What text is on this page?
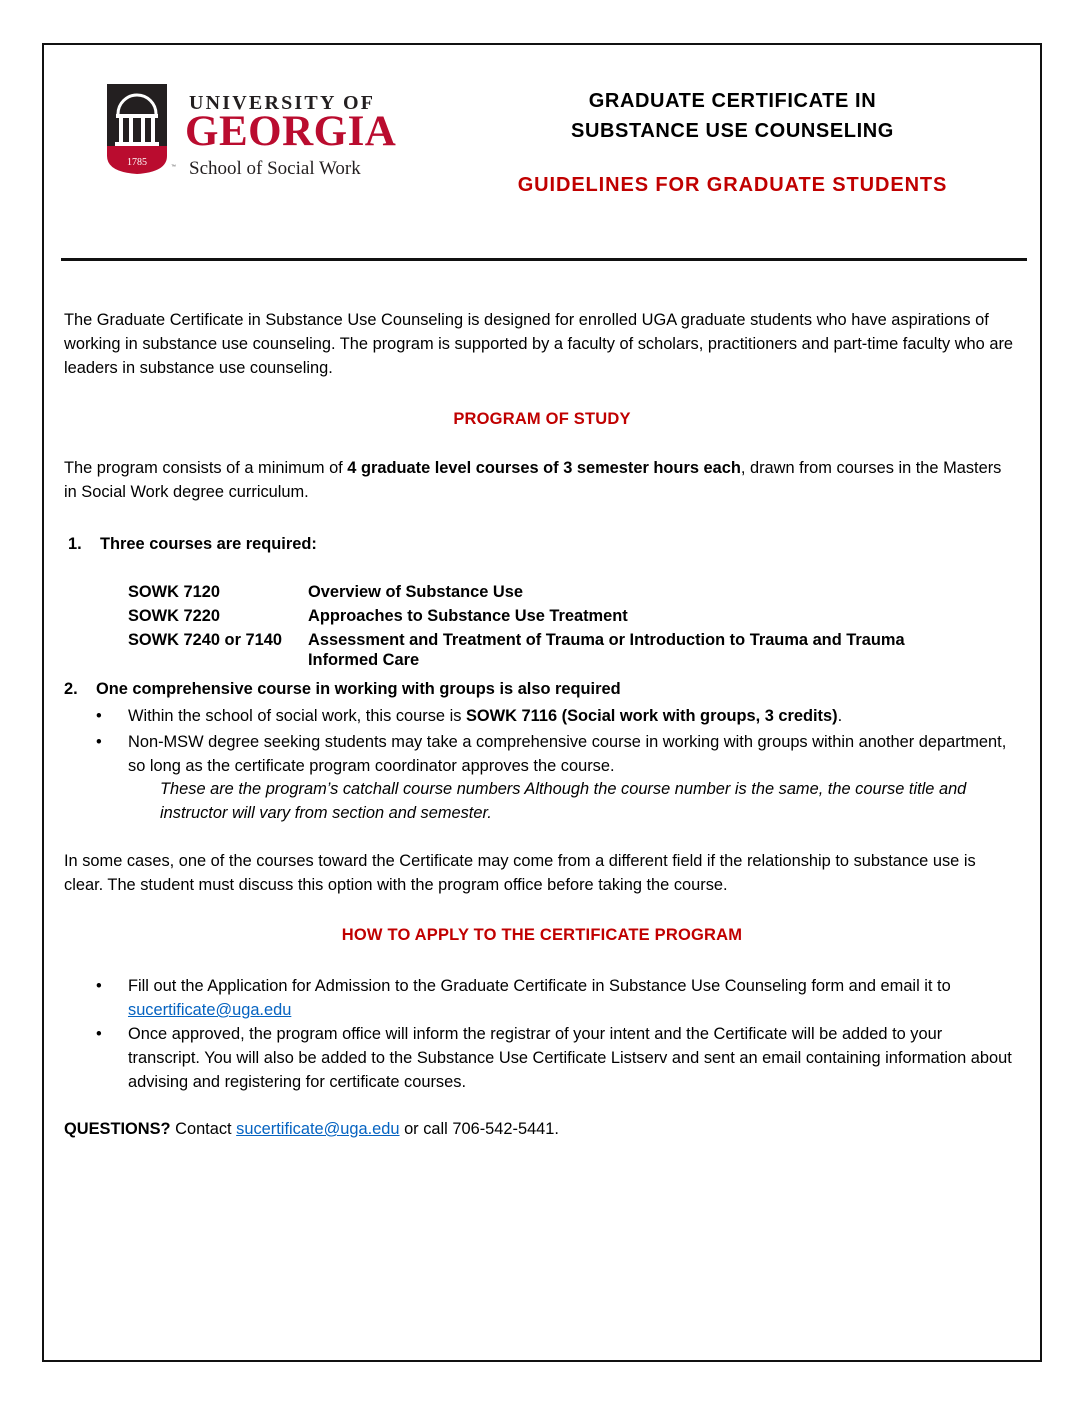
™
UNIVERSITY OF
GEORGIA
School of Social Work
1785
GRADUATE CERTIFICATE IN
SUBSTANCE USE COUNSELING
GUIDELINES FOR GRADUATE STUDENTS
The Graduate Certificate in Substance Use Counseling is designed for enrolled UGA graduate students who have aspirations of working in substance use counseling. The program is supported by a faculty of scholars, practitioners and part-time faculty who are leaders in substance use counseling.
PROGRAM OF STUDY
The program consists of a minimum of 4 graduate level courses of 3 semester hours each, drawn from courses in the Masters in Social Work degree curriculum.
1. Three courses are required:
SOWK 7120	Overview of Substance Use
SOWK 7220	Approaches to Substance Use Treatment
SOWK 7240 or 7140	Assessment and Treatment of Trauma or Introduction to Trauma and Trauma Informed Care
2. One comprehensive course in working with groups is also required
•	Within the school of social work, this course is SOWK 7116 (Social work with groups, 3 credits).
•	Non-MSW degree seeking students may take a comprehensive course in working with groups within another department, so long as the certificate program coordinator approves the course.
These are the program’s catchall course numbers Although the course number is the same, the course title and instructor will vary from section and semester.
In some cases, one of the courses toward the Certificate may come from a different field if the relationship to substance use is clear. The student must discuss this option with the program office before taking the course.
HOW TO APPLY TO THE CERTIFICATE PROGRAM
•	Fill out the Application for Admission to the Graduate Certificate in Substance Use Counseling form and email it to sucertificate@uga.edu
•	Once approved, the program office will inform the registrar of your intent and the Certificate will be added to your transcript. You will also be added to the Substance Use Certificate Listserv and sent an email containing information about advising and registering for certificate courses.
QUESTIONS? Contact sucertificate@uga.edu or call 706-542-5441.
